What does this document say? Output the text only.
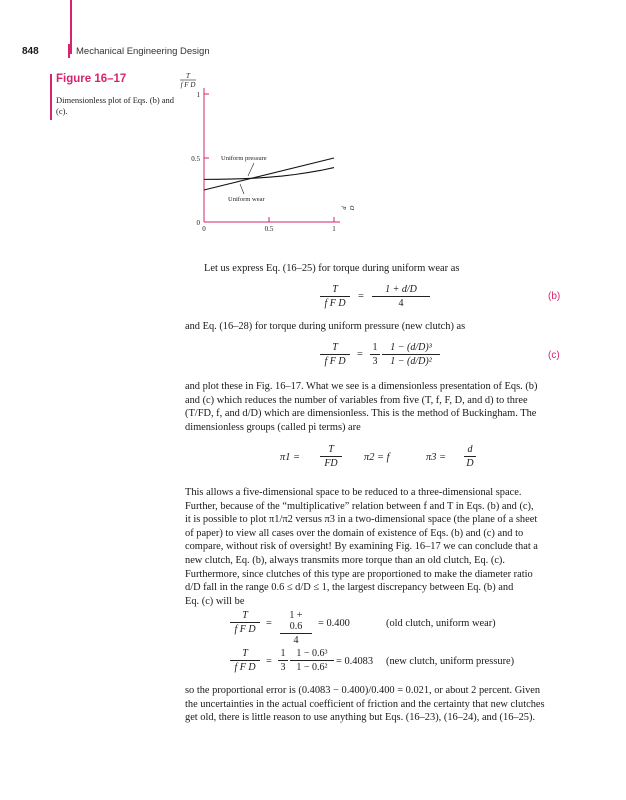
848	Mechanical Engineering Design
Figure 16–17
Dimensionless plot of Eqs. (b) and (c).
0
0.5
1
0	0.5	1
T
f F D
d D
Uniform pressure
Uniform wear
Let us express Eq. (16–25) for torque during uniform wear as
$\frac{T}{\text{f F D}} = \frac{1 + d/D}{4}$	(b)
and Eq. (16–28) for torque during uniform pressure (new clutch) as
$\frac{T}{\text{f F D}} = \frac{1}{3} \frac{\text{1 − (d/D)³}}{\text{1 − (d/D)²}}$	(c)
and plot these in Fig. 16–17. What we see is a dimensionless presentation of Eqs. (b)
and (c) which reduces the number of variables from five (T, f, F, D, and d) to three
(T/FD, f, and d/D) which are dimensionless. This is the method of Buckingham. The
dimensionless groups (called pi terms) are
$\pi 1 = \frac{T}{FD} \pi 2 = f$	$\pi 3 = \frac{d}{D}$
This allows a five-dimensional space to be reduced to a three-dimensional space.
Further, because of the “multiplicative” relation between f and T in Eqs. (b) and (c),
it is possible to plot π1/π2 versus π3 in a two-dimensional space (the plane of a sheet
of paper) to view all cases over the domain of existence of Eqs. (b) and (c) and to
compare, without risk of oversight! By examining Fig. 16–17 we can conclude that a
new clutch, Eq. (b), always transmits more torque than an old clutch, Eq. (c).
Furthermore, since clutches of this type are proportioned to make the diameter ratio
d/D fall in the range 0.6 ≤ d/D ≤ 1, the largest discrepancy between Eq. (b) and
Eq. (c) will be
$\frac{T}{\text{f F D}} = \frac{1 + 0.6}{4} = 0.400$	(old clutch, uniform wear)
$\frac{T}{\text{f F D}} = \frac{1}{3} \frac{\text{1 − 0.6³}}{\text{1 − 0.6²}} = 0.4083$ (new clutch, uniform pressure)
so the proportional error is (0.4083 − 0.400)/0.400 = 0.021, or about 2 percent. Given
the uncertainties in the actual coefficient of friction and the certainty that new clutches
get old, there is little reason to use anything but Eqs. (16–23), (16–24), and (16–25).
